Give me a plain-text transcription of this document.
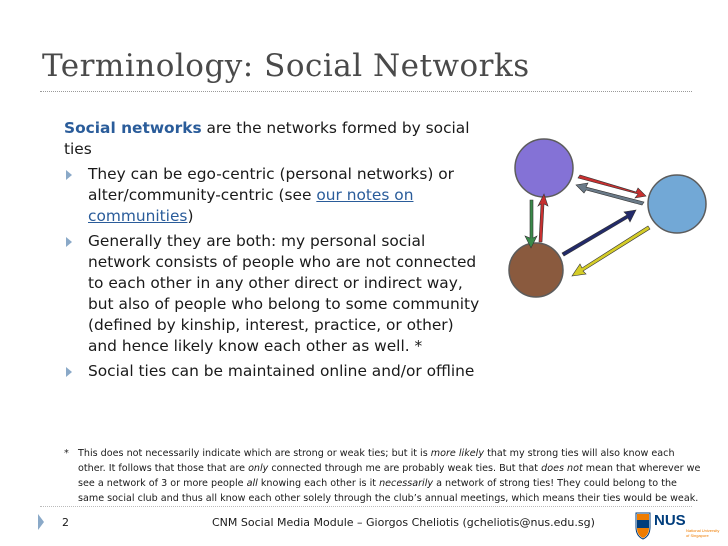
Terminology: Social Networks
Social networks are the networks formed by social ties
They can be ego-centric (personal networks) or alter/community-centric (see our notes on communities)
Generally they are both: my personal social network consists of people who are not connected to each other in any other direct or indirect way, but also of people who belong to some community (defined by kinship, interest, practice, or other) and hence likely know each other as well. *
Social ties can be maintained online and/or offline
* This does not necessarily indicate which are strong or weak ties; but it is more likely that my strong ties will also know each other. It follows that those that are only connected through me are probably weak ties. But that does not mean that wherever we see a network of 3 or more people all knowing each other is it necessarily a network of strong ties! They could belong to the same social club and thus all know each other solely through the club’s annual meetings, which means their ties would be weak.
2	CNM Social Media Module – Giorgos Cheliotis (gcheliotis@nus.edu.sg)	NUS
National University
of Singapore
